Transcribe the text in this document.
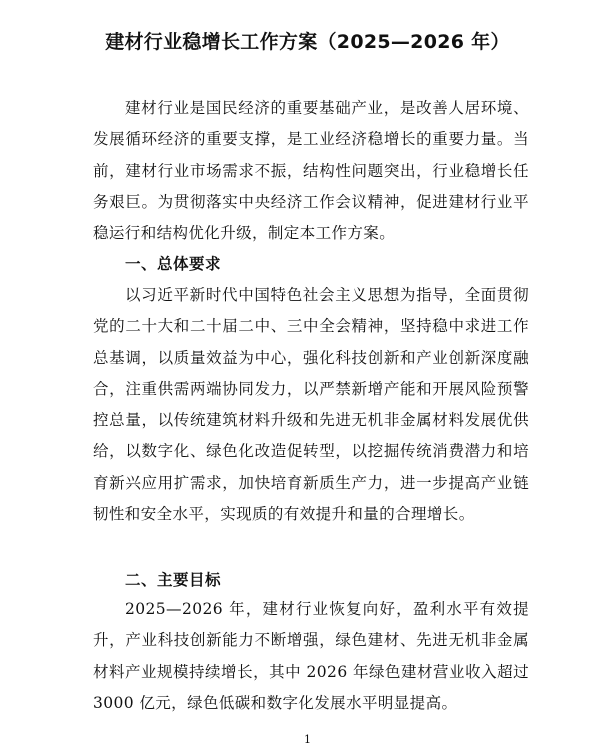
建材行业稳增长工作方案（2025—2026 年）

建材行业是国民经济的重要基础产业，是改善人居环境、发展循环经济的重要支撑，是工业经济稳增长的重要力量。当前，建材行业市场需求不振，结构性问题突出，行业稳增长任务艰巨。为贯彻落实中央经济工作会议精神，促进建材行业平稳运行和结构优化升级，制定本工作方案。

一、总体要求

以习近平新时代中国特色社会主义思想为指导，全面贯彻党的二十大和二十届二中、三中全会精神，坚持稳中求进工作总基调，以质量效益为中心，强化科技创新和产业创新深度融合，注重供需两端协同发力，以严禁新增产能和开展风险预警控总量，以传统建筑材料升级和先进无机非金属材料发展优供给，以数字化、绿色化改造促转型，以挖掘传统消费潜力和培育新兴应用扩需求，加快培育新质生产力，进一步提高产业链韧性和安全水平，实现质的有效提升和量的合理增长。

二、主要目标

2025—2026 年，建材行业恢复向好，盈利水平有效提升，产业科技创新能力不断增强，绿色建材、先进无机非金属材料产业规模持续增长，其中 2026 年绿色建材营业收入超过 3000 亿元，绿色低碳和数字化发展水平明显提高。

1
